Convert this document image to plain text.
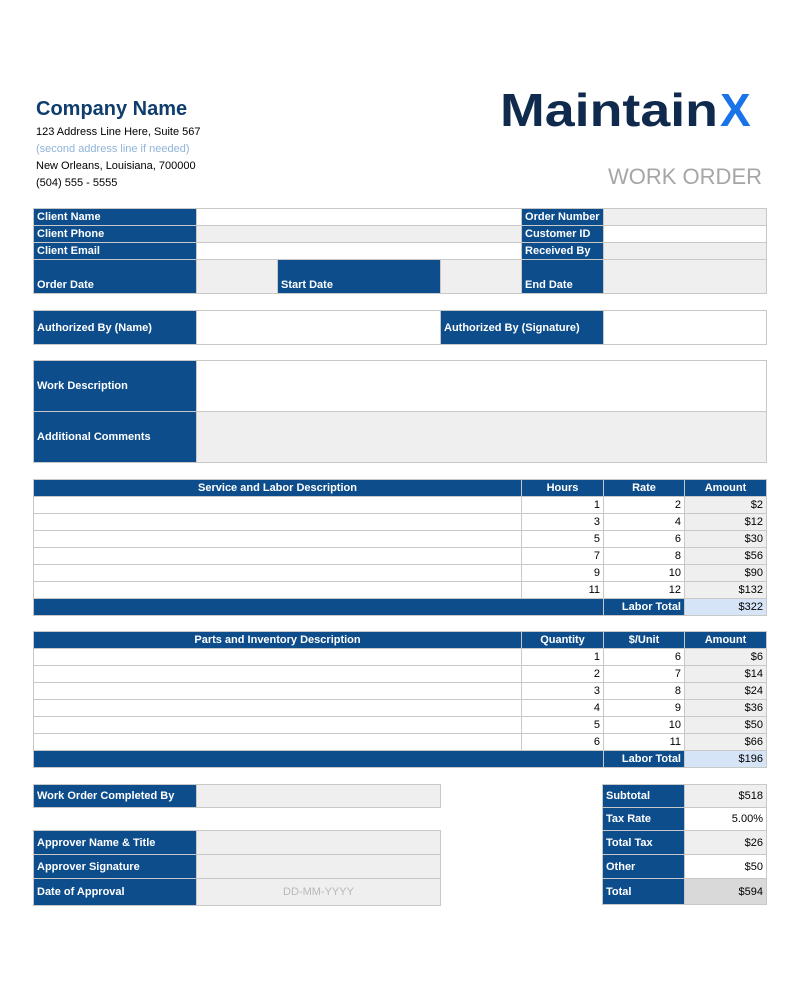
Company Name
123 Address Line Here, Suite 567
(second address line if needed)
New Orleans, Louisiana, 700000
(504) 555 - 5555
Maintain X
WORK ORDER
Client Name				Order Number	
Client Phone				Customer ID	
Client Email				Received By	
Order Date		Start Date		End Date	
Authorized By (Name)		Authorized By (Signature)	
Work Description	
Additional Comments	
Service and Labor Description	Hours	Rate	Amount
	1	2	$2
	3	4	$12
	5	6	$30
	7	8	$56
	9	10	$90
	11	12	$132
		Labor Total	$322
Parts and Inventory Description	Quantity	$/Unit	Amount
	1	6	$6
	2	7	$14
	3	8	$24
	4	9	$36
	5	10	$50
	6	11	$66
		Labor Total	$196
Work Order Completed By	
Approver Name & Title	
Approver Signature	
Date of Approval	DD-MM-YYYY
Subtotal	$518
Tax Rate	5.00%
Total Tax	$26
Other	$50
Total	$594
